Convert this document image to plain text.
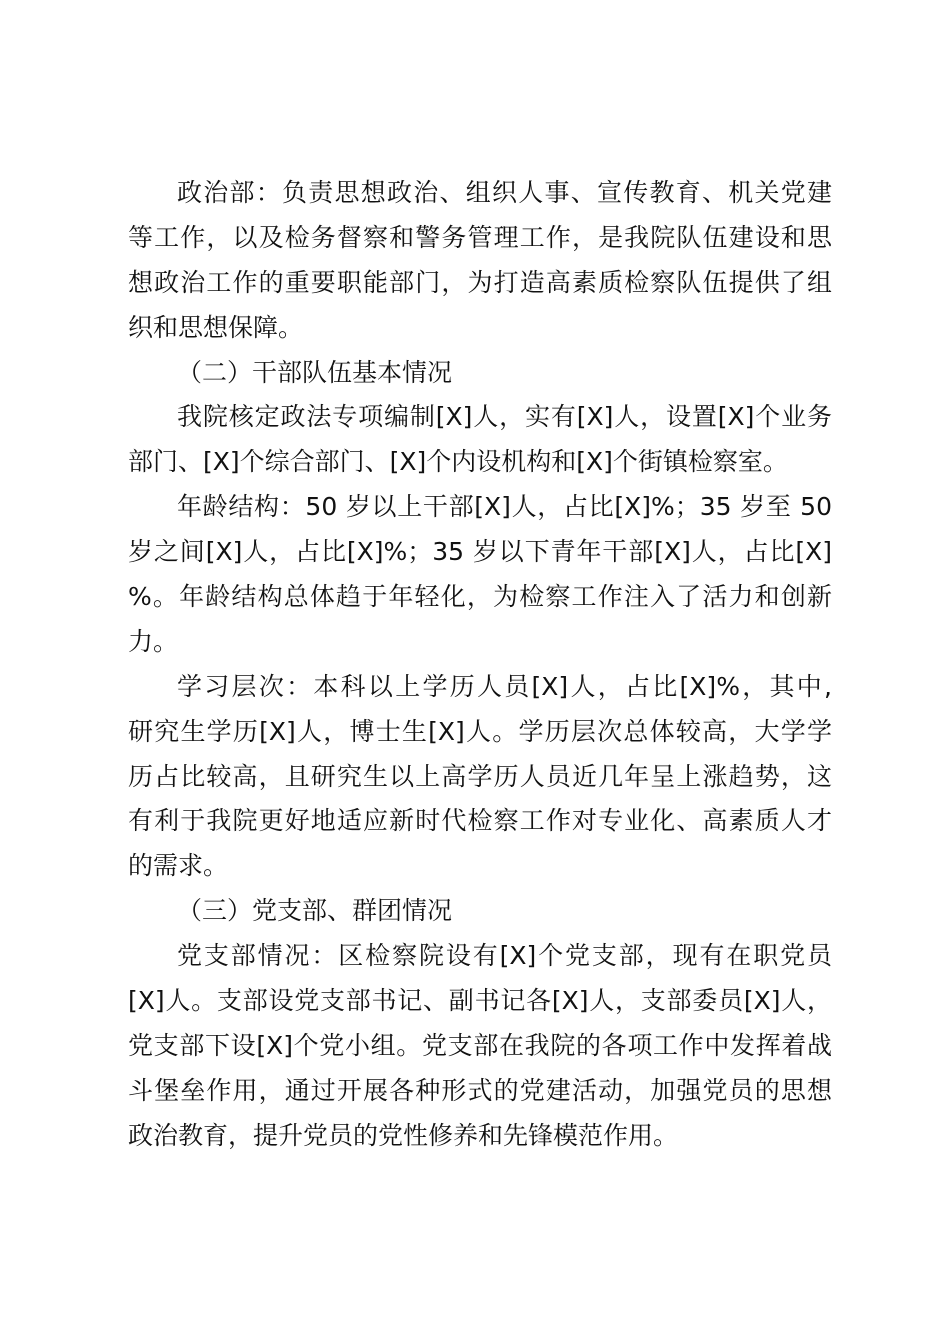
政治部：负责思想政治、组织人事、宣传教育、机关党建
等工作，以及检务督察和警务管理工作，是我院队伍建设和思
想政治工作的重要职能部门，为打造高素质检察队伍提供了组
织和思想保障。
（二）干部队伍基本情况
我院核定政法专项编制[X]人，实有[X]人，设置[X]个业务
部门、[X]个综合部门、[X]个内设机构和[X]个街镇检察室。
年龄结构：50 岁以上干部[X]人，占比[X]%；35 岁至 50
岁之间[X]人，占比[X]%；35 岁以下青年干部[X]人，占比[X]
%。年龄结构总体趋于年轻化，为检察工作注入了活力和创新
力。
学习层次：本科以上学历人员[X]人，占比[X]%，其中,
研究生学历[X]人，博士生[X]人。学历层次总体较高，大学学
历占比较高，且研究生以上高学历人员近几年呈上涨趋势，这
有利于我院更好地适应新时代检察工作对专业化、高素质人才
的需求。
（三）党支部、群团情况
党支部情况：区检察院设有[X]个党支部，现有在职党员
[X]人。支部设党支部书记、副书记各[X]人，支部委员[X]人，
党支部下设[X]个党小组。党支部在我院的各项工作中发挥着战
斗堡垒作用，通过开展各种形式的党建活动，加强党员的思想
政治教育，提升党员的党性修养和先锋模范作用。
